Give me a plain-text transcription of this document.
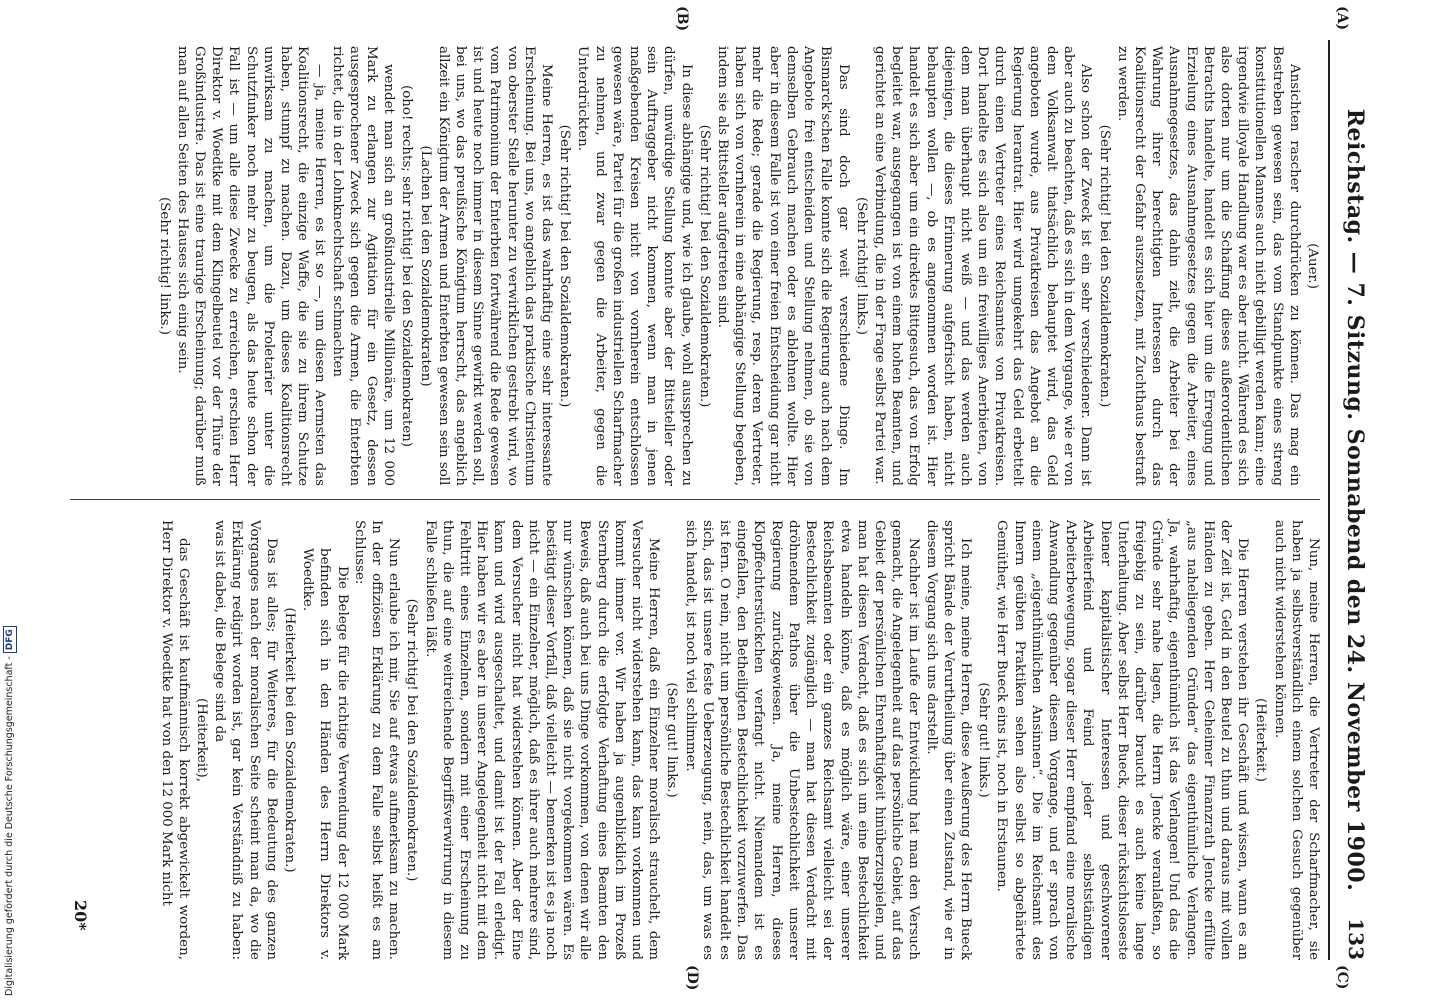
Reichstag. — 7. Sitzung. Sonnabend den 24. November 1900.
133
(A)
(B)
(C)
(D)

(Auer.)

Ansichten rascher durchdrücken zu können. Das mag ein Bestreben gewesen sein, das vom Standpunkte eines streng konstitutionellen Mannes auch nicht gebilligt werden kann; eine irgendwie illoyale Handlung war es aber nicht. Während es sich also dorten nur um die Schaffung dieses außerordentlichen Betrachts handelte, handelt es sich hier um die Erregung und Erzielung eines Ausnahmegesetzes gegen die Arbeiter, eines Ausnahmegesetzes, das dahin zielt, die Arbeiter bei der Wahrung ihrer berechtigten Interessen durch das Koalitionsrecht der Gefahr auszusetzen, mit Zuchthaus bestraft zu werden.

(Sehr richtig! bei den Sozialdemokraten.)

Also schon der Zweck ist ein sehr verschiedener. Dann ist aber auch zu beachten, daß es sich in dem Vorgange, wie er von dem Volksanwalt thatsächlich behauptet wird, das Geld angeboten wurde, aus Privatkreisen das Angebot an die Regierung herantrat. Hier wird umgekehrt das Geld erbettelt durch einen Vertreter eines Reichsamtes von Privatkreisen. Dort handelte es sich also um ein freiwilliges Anerbieten, von dem man überhaupt nicht weiß — und das werden auch diejenigen, die dieses Erinnerung aufgefrischt haben, nicht behaupten wollen —, ob es angenommen worden ist. Hier handelt es sich aber um ein direktes Bittgesuch, das von Erfolg begleitet war, ausgegangen ist von einem hohen Beamten, und gerichtet an eine Verbindung, die in der Frage selbst Partei war.

(Sehr richtig! links.)

Das sind doch gar weit verschiedene Dinge. Im Bismarck'schen Falle konnte sich die Regierung auch nach dem Angebote frei entscheiden und Stellung nehmen, ob sie von demselben Gebrauch machen oder es ablehnen wollte. Hier aber in diesem Falle ist von einer freien Entscheidung gar nicht mehr die Rede; gerade die Regierung, resp. deren Vertreter, haben sich von vornherein in eine abhängige Stellung begeben, indem sie als Bittsteller aufgetreten sind.

(Sehr richtig! bei den Sozialdemokraten.)

In diese abhängige und, wie ich glaube, wohl aussprechen zu dürfen, unwürdige Stellung konnte aber der Bittsteller oder sein Auftraggeber nicht kommen, wenn man in jenen maßgebenden Kreisen nicht von vornherein entschlossen gewesen wäre, Partei für die großen industriellen Scharfmacher zu nehmen, und zwar gegen die Arbeiter, gegen die Unterdrückten.

(Sehr richtig! bei den Sozialdemokraten.)

Meine Herren, es ist das wahrhaftig eine sehr interessante Erscheinung. Bei uns, wo angeblich das praktische Christentum von oberster Stelle herunter zu verwirklichen gestrebt wird, wo vom Patrimonium der Enterbten fortwährend die Rede gewesen ist und heute noch immer in diesem Sinne gewirkt werden soll, bei uns, wo das preußische Königtum herrscht, das angeblich allzeit ein Königtum der Armen und Enterbten gewesen sein soll

(Lachen bei den Sozialdemokraten)

(oho! rechts; sehr richtig! bei den Sozialdemokraten)

wendet man sich an großindustrielle Millionäre, um 12 000 Mark zu erlangen zur Agitation für ein Gesetz, dessen ausgesprochener Zweck sich gegen die Armen, die Enterbten richtet, die in der Lohnknechtschaft schmachten

— ja, meine Herren, es ist so —, um diesen Aermsten das Koalitionsrecht, die einzige Waffe, die sie zu ihrem Schutze haben, stumpf zu machen. Dazu, um dieses Koalitionsrecht unwirksam zu machen, um die Proletarier unter die Schutzfunker noch mehr zu beugen, als das heute schon der Fall ist — um alle diese Zwecke zu erreichen, erschien Herr Direktor v. Woedtke mit dem Klingelbeutel vor der Thüre der Großindustrie. Das ist eine traurige Erscheinung; darüber muß man auf allen Seiten des Hauses sich einig sein.

(Sehr richtig! links.)

Nun, meine Herren, die Vertreter der Scharfmacher, sie haben ja selbstverständlich einem solchen Gesuch gegenüber auch nicht widerstehen können.

(Heiterkeit.)

Die Herren verstehen ihr Geschäft und wissen, wann es an der Zeit ist, Geld in den Beutel zu thun und daraus mit vollen Händen zu geben. Herr Geheimer Finanzrath Jencke erfüllte „aus naheliegenden Gründen“ das eigenthümliche Verlangen. Ja, wahrhaftig, eigenthümlich ist das Verlangen! Und das die Gründe sehr nahe lagen, die Herrn Jencke veranlaßten, so freigebig zu sein, darüber braucht es auch keine lange Unterhaltung. Aber selbst Herr Bueck, dieser rücksichtsloseste Diener kapitalistischer Interessen und geschworener Arbeiterfeind und Feind jeder selbstständigen Arbeiterbewegung, sogar dieser Herr empfand eine moralische Anwandlung gegenüber diesem Vorgange, und er sprach von einem „eigenthümlichen Ansinnen“. Die im Reichsamt des Innern geübten Praktiken sehen also selbst so abgehärtete Gemüther, wie Herr Bueck eins ist, noch in Erstaunen.

(Sehr gut! links.)

Ich meine, meine Herren, diese Aeußerung des Herrn Bueck spricht Bände der Verurtheilung über einen Zustand, wie er in diesem Vorgang sich uns darstellt.

Nachher ist im Laufe der Entwicklung hat man den Versuch gemacht, die Angelegenheit auf das persönliche Gebiet, auf das Gebiet der persönlichen Ehrenhaftigkeit hinüberzuspielen, und man hat diesen Verdacht, daß es sich um eine Bestechlichkeit etwa handeln könne, daß es möglich wäre, einer unserer Reichsbeamten oder ein ganzes Reichsamt vielleicht sei der Bestechlichkeit zugänglich — man hat diesen Verdacht mit dröhnendem Pathos über die Unbestechlichkeit unserer Regierung zurückgewiesen. Ja, meine Herren, dieses Klopffechterstückchen verfangt nicht. Niemandem ist es eingefallen, den Betheiligten Bestechlichkeit vorzuwerfen. Das ist fern. O nein, nicht um persönliche Bestechlichkeit handelt es sich, das ist unsere feste Ueberzeugung, nein, das, um was es sich handelt, ist noch viel schlimmer.

(Sehr gut! links.)

Meine Herren, daß ein Einzelner moralisch strauchelt, dem Versucher nicht widerstehen kann, das kann vorkommen und kommt immer vor. Wir haben ja augenblicklich im Prozeß Sternberg durch die erfolgte Verhaftung eines Beamten den Beweis, daß auch bei uns Dinge vorkommen, von denen wir alle nur wünschen können, daß sie nicht vorgekommen wären. Es bestätigt dieser Vorfall, daß vielleicht — bemerken ist es ja noch nicht — ein Einzelner, möglich, daß es ihrer auch mehrere sind, dem Versucher nicht hat widerstehen können. Aber der Eine kann und wird ausgeschaltet, und damit ist der Fall erledigt. Hier haben wir es aber in unserer Angelegenheit nicht mit dem Fehltritt eines Einzelnen, sondern mit einer Erscheinung zu thun, die auf eine weitreichende Begriffsverwirrung in diesem Falle schließen läßt.

(Sehr richtig! bei den Sozialdemokraten.)

Nun erlaube ich mir, Sie auf etwas aufmerksam zu machen. In der offiziösen Erklärung zu dem Falle selbst heißt es am Schlusse:

Die Belege für die richtige Verwendung der 12 000 Mark befinden sich in den Händen des Herrn Direktors v. Woedtke.

(Heiterkeit bei den Sozialdemokraten.)

Das ist alles; für Weiteres, für die Bedeutung des ganzen Vorganges nach der moralischen Seite scheint man da, wo die Erklärung redigirt worden ist, gar kein Verständniß zu haben: was ist dabei, die Belege sind da

(Heiterkeit),

das Geschäft ist kaufmännisch korrekt abgewickelt worden, Herr Direktor v. Woedtke hat von den 12 000 Mark nicht

20*
Digitalisierung gefördert durch die Deutsche Forschungsgemeinschaft -DFG
